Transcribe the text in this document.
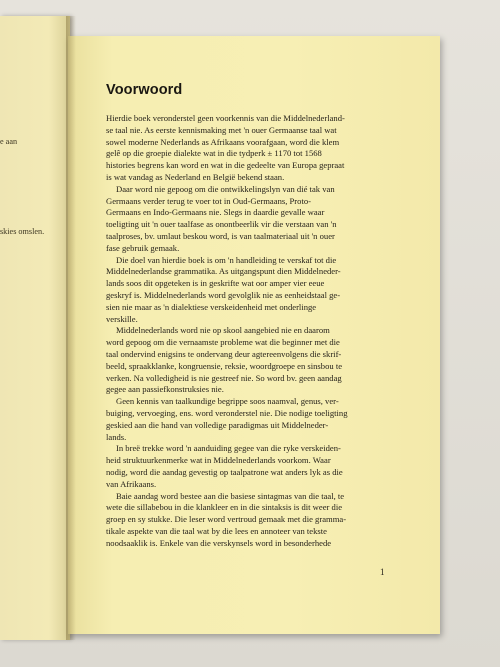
e aan
skies omslen.
Voorwoord

Hierdie boek veronderstel geen voorkennis van die Middelnederland-
se taal nie. As eerste kennismaking met 'n ouer Germaanse taal wat
sowel moderne Nederlands as Afrikaans voorafgaan, word die klem
gelê op die groepie dialekte wat in die tydperk ± 1170 tot 1568
histories begrens kan word en wat in die gedeelte van Europa gepraat
is wat vandag as Nederland en België bekend staan.

Daar word nie gepoog om die ontwikkelingslyn van dié tak van
Germaans verder terug te voer tot in Oud-Germaans, Proto-
Germaans en Indo-Germaans nie. Slegs in daardie gevalle waar
toeligting uit 'n ouer taalfase as onontbeerlik vir die verstaan van 'n
taalproses, bv. umlaut beskou word, is van taalmateriaal uit 'n ouer
fase gebruik gemaak.

Die doel van hierdie boek is om 'n handleiding te verskaf tot die
Middelnederlandse grammatika. As uitgangspunt dien Middelneder-
lands soos dit opgeteken is in geskrifte wat oor amper vier eeue
geskryf is. Middelnederlands word gevolglik nie as eenheidstaal ge-
sien nie maar as 'n dialektiese verskeidenheid met onderlinge
verskille.

Middelnederlands word nie op skool aangebied nie en daarom
word gepoog om die vernaamste probleme wat die beginner met die
taal ondervind enigsins te ondervang deur agtereenvolgens die skrif-
beeld, spraakklanke, kongruensie, reksie, woordgroepe en sinsbou te
verken. Na volledigheid is nie gestreef nie. So word bv. geen aandag
gegee aan passiefkonstruksies nie.

Geen kennis van taalkundige begrippe soos naamval, genus, ver-
buiging, vervoeging, ens. word veronderstel nie. Die nodige toeligting
geskied aan die hand van volledige paradigmas uit Middelneder-
lands.

In breë trekke word 'n aanduiding gegee van die ryke verskeiden-
heid struktuurkenmerke wat in Middelnederlands voorkom. Waar
nodig, word die aandag gevestig op taalpatrone wat anders lyk as die
van Afrikaans.

Baie aandag word bestee aan die basiese sintagmas van die taal, te
wete die sillabebou in die klankleer en in die sintaksis is dit weer die
groep en sy stukke. Die leser word vertroud gemaak met die gramma-
tikale aspekte van die taal wat by die lees en annoteer van tekste
noodsaaklik is. Enkele van die verskynsels word in besonderhede

1
